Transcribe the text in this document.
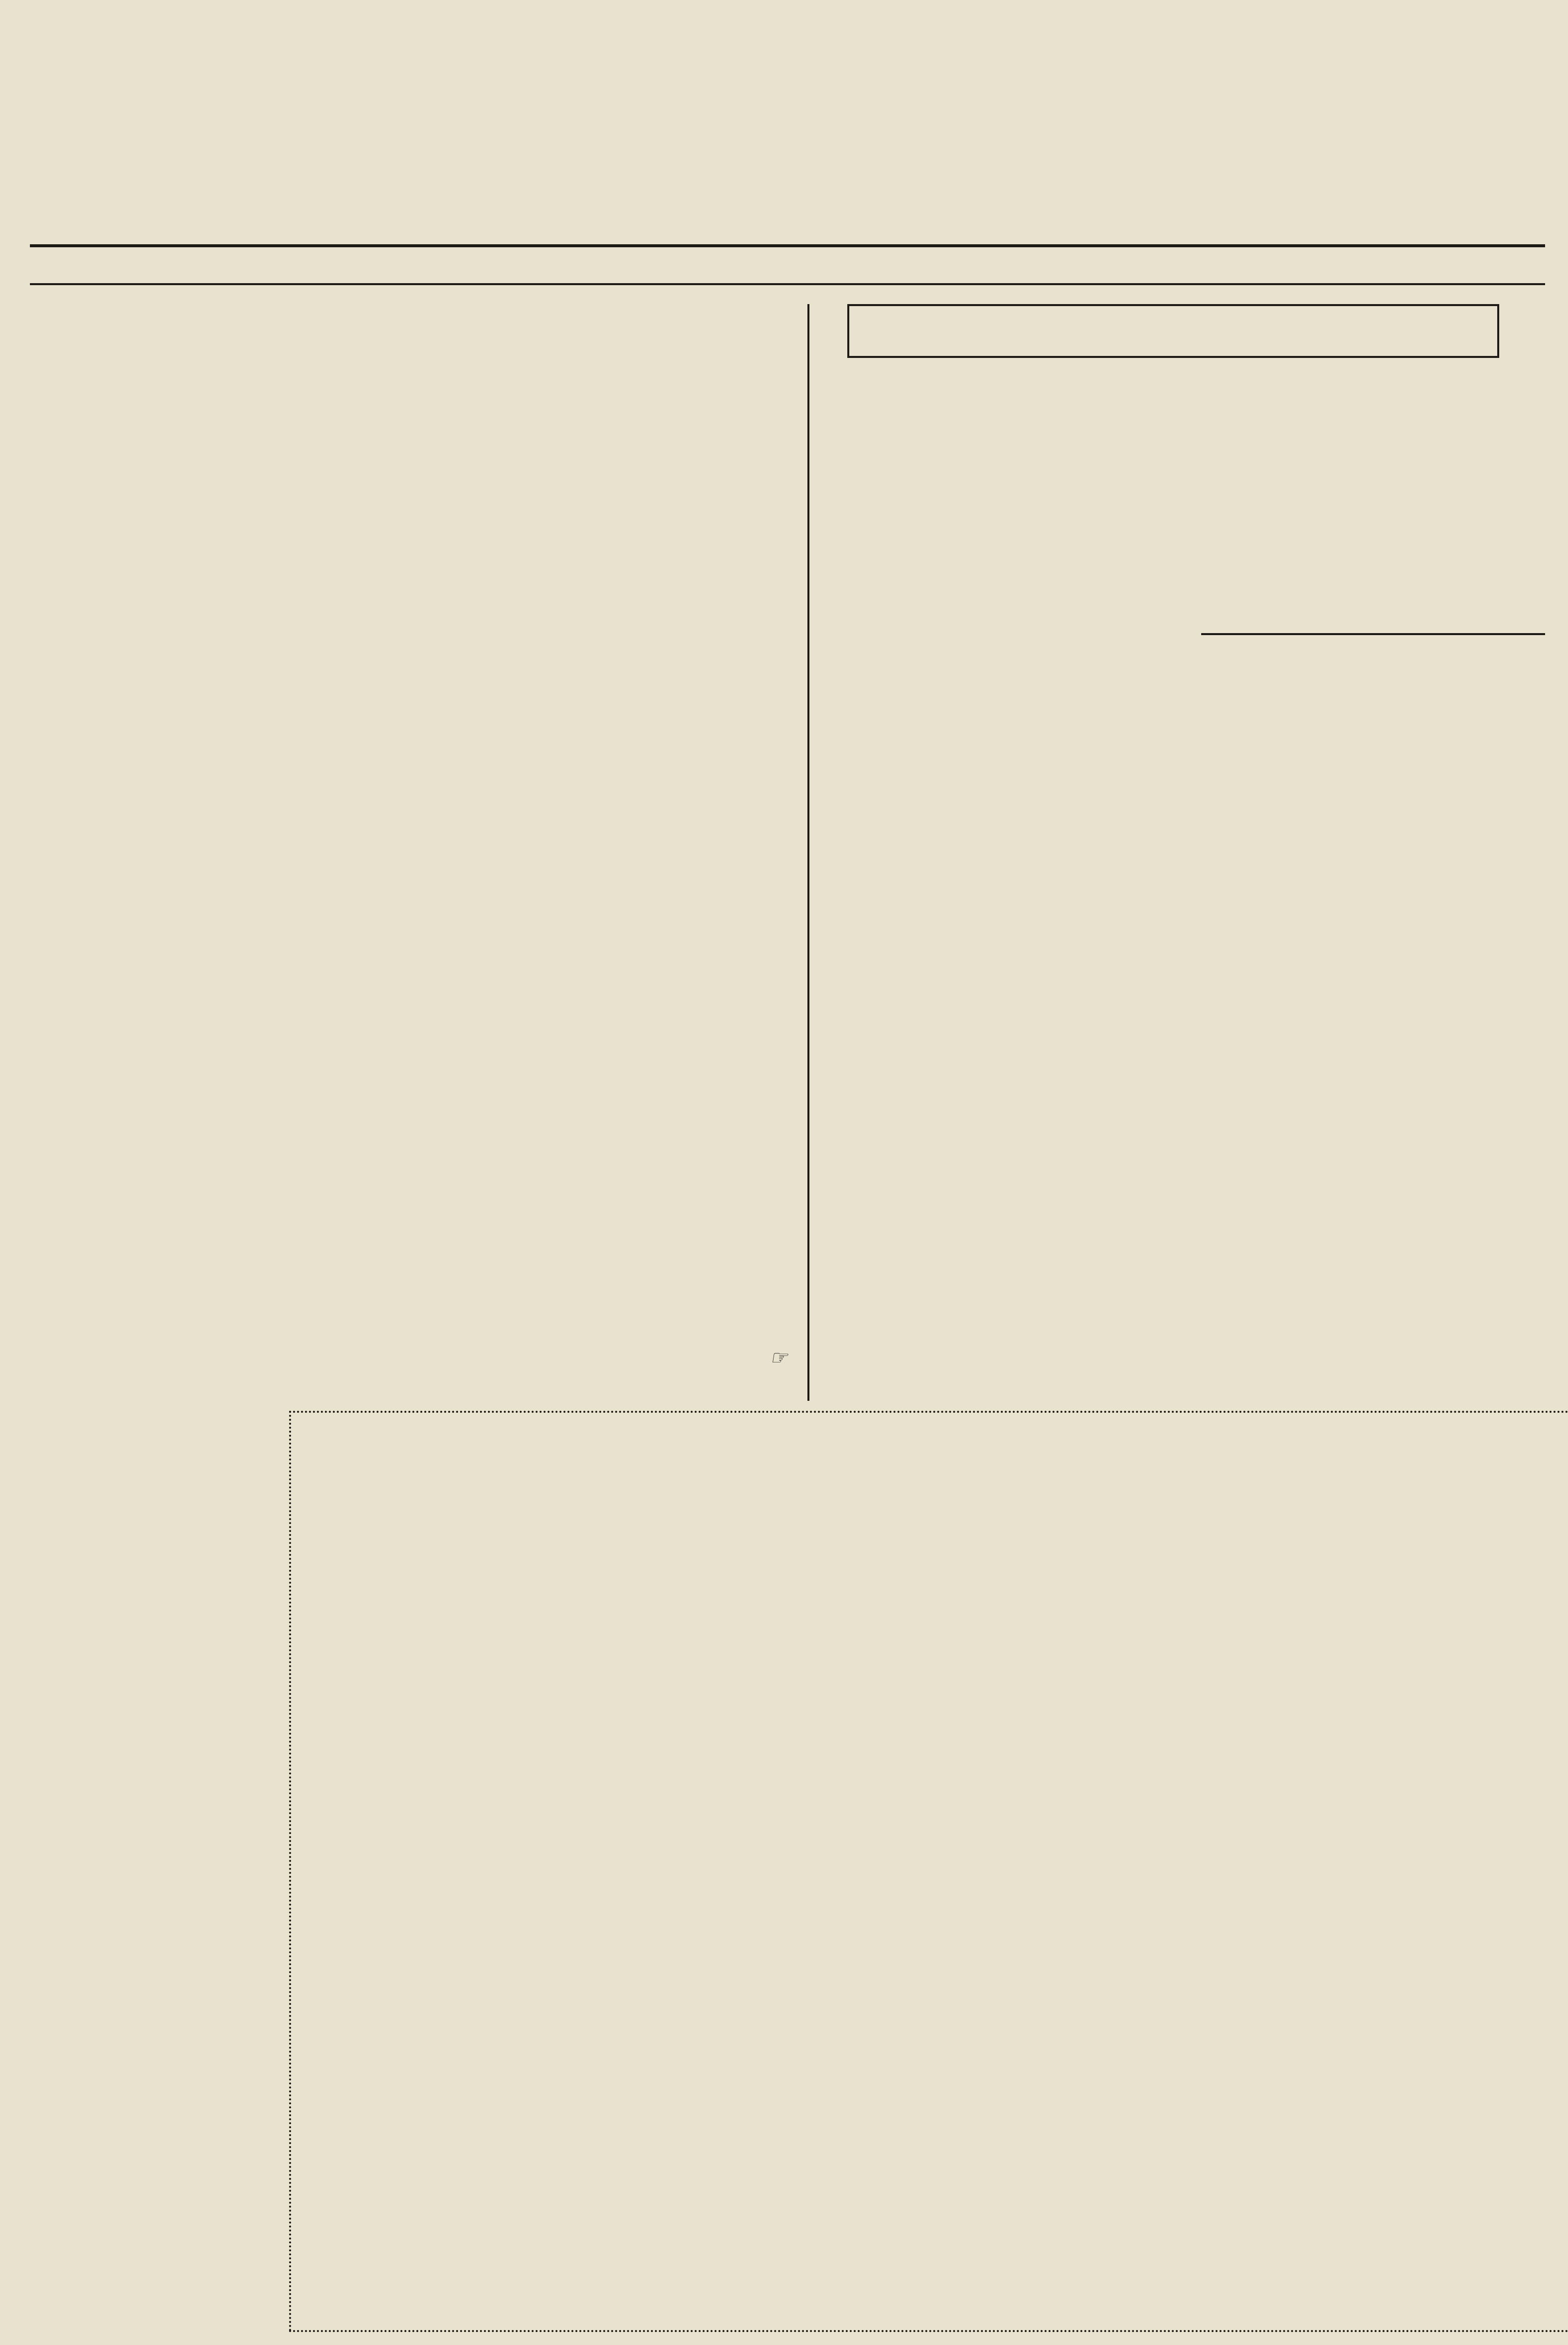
☞
